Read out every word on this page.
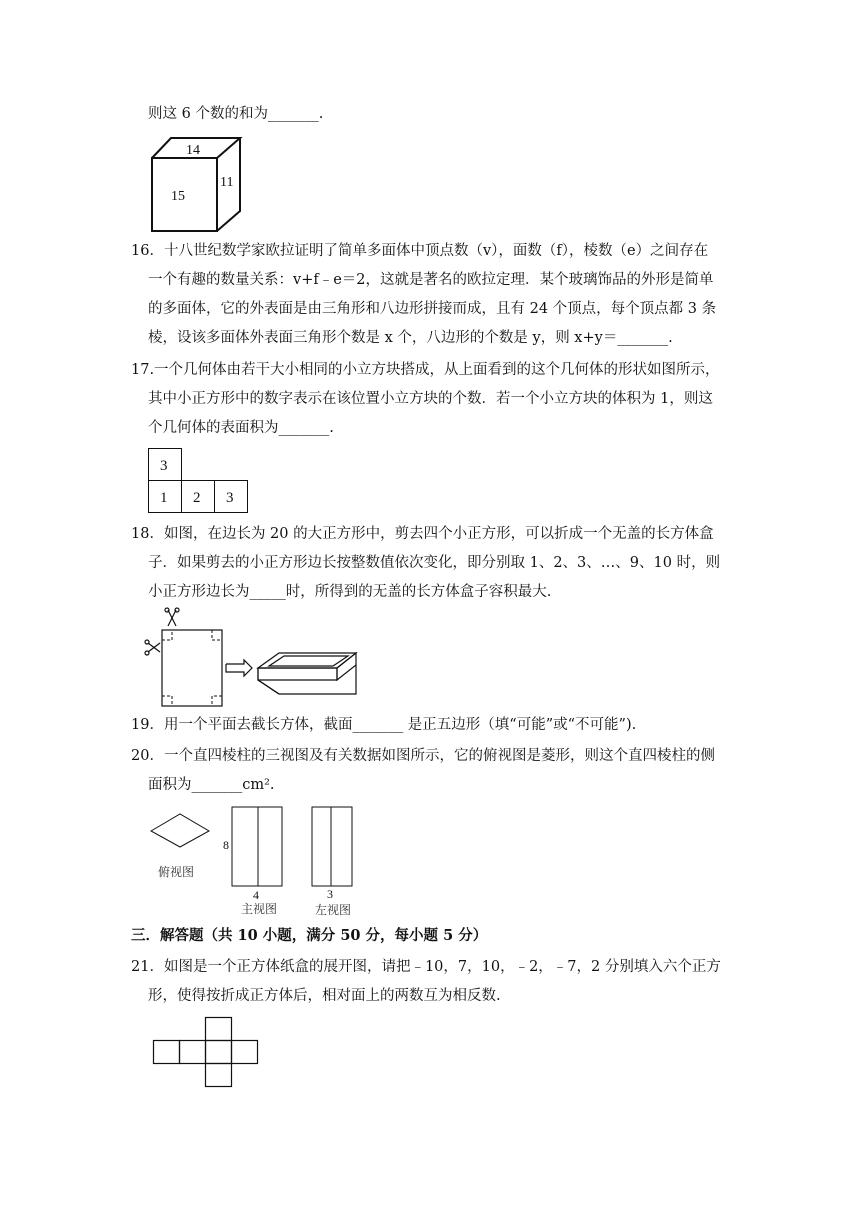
则这 6 个数的和为_______.
14
15
11
16．十八世纪数学家欧拉证明了简单多面体中顶点数（v），面数（f），棱数（e）之间存在
一个有趣的数量关系：v+f﹣e＝2，这就是著名的欧拉定理．某个玻璃饰品的外形是简单
的多面体，它的外表面是由三角形和八边形拼接而成，且有 24 个顶点，每个顶点都 3 条
棱，设该多面体外表面三角形个数是 x 个，八边形的个数是 y，则 x+y＝_______.
17.一个几何体由若干大小相同的小立方块搭成，从上面看到的这个几何体的形状如图所示，
其中小正方形中的数字表示在该位置小立方块的个数．若一个小立方块的体积为 1，则这
个几何体的表面积为_______.
3
1 2 3
18．如图，在边长为 20 的大正方形中，剪去四个小正方形，可以折成一个无盖的长方体盒
子．如果剪去的小正方形边长按整数值依次变化，即分别取 1、2、3、…、9、10 时，则
小正方形边长为_____时，所得到的无盖的长方体盒子容积最大.
19．用一个平面去截长方体，截面_______ 是正五边形（填“可能”或“不可能”).
20．一个直四棱柱的三视图及有关数据如图所示，它的俯视图是菱形，则这个直四棱柱的侧
面积为_______cm².
俯视图
8
4
主视图
3
左视图
三．解答题（共 10 小题，满分 50 分，每小题 5 分）
21．如图是一个正方体纸盒的展开图，请把﹣10，7，10，﹣2，﹣7，2 分别填入六个正方
形，使得按折成正方体后，相对面上的两数互为相反数.
